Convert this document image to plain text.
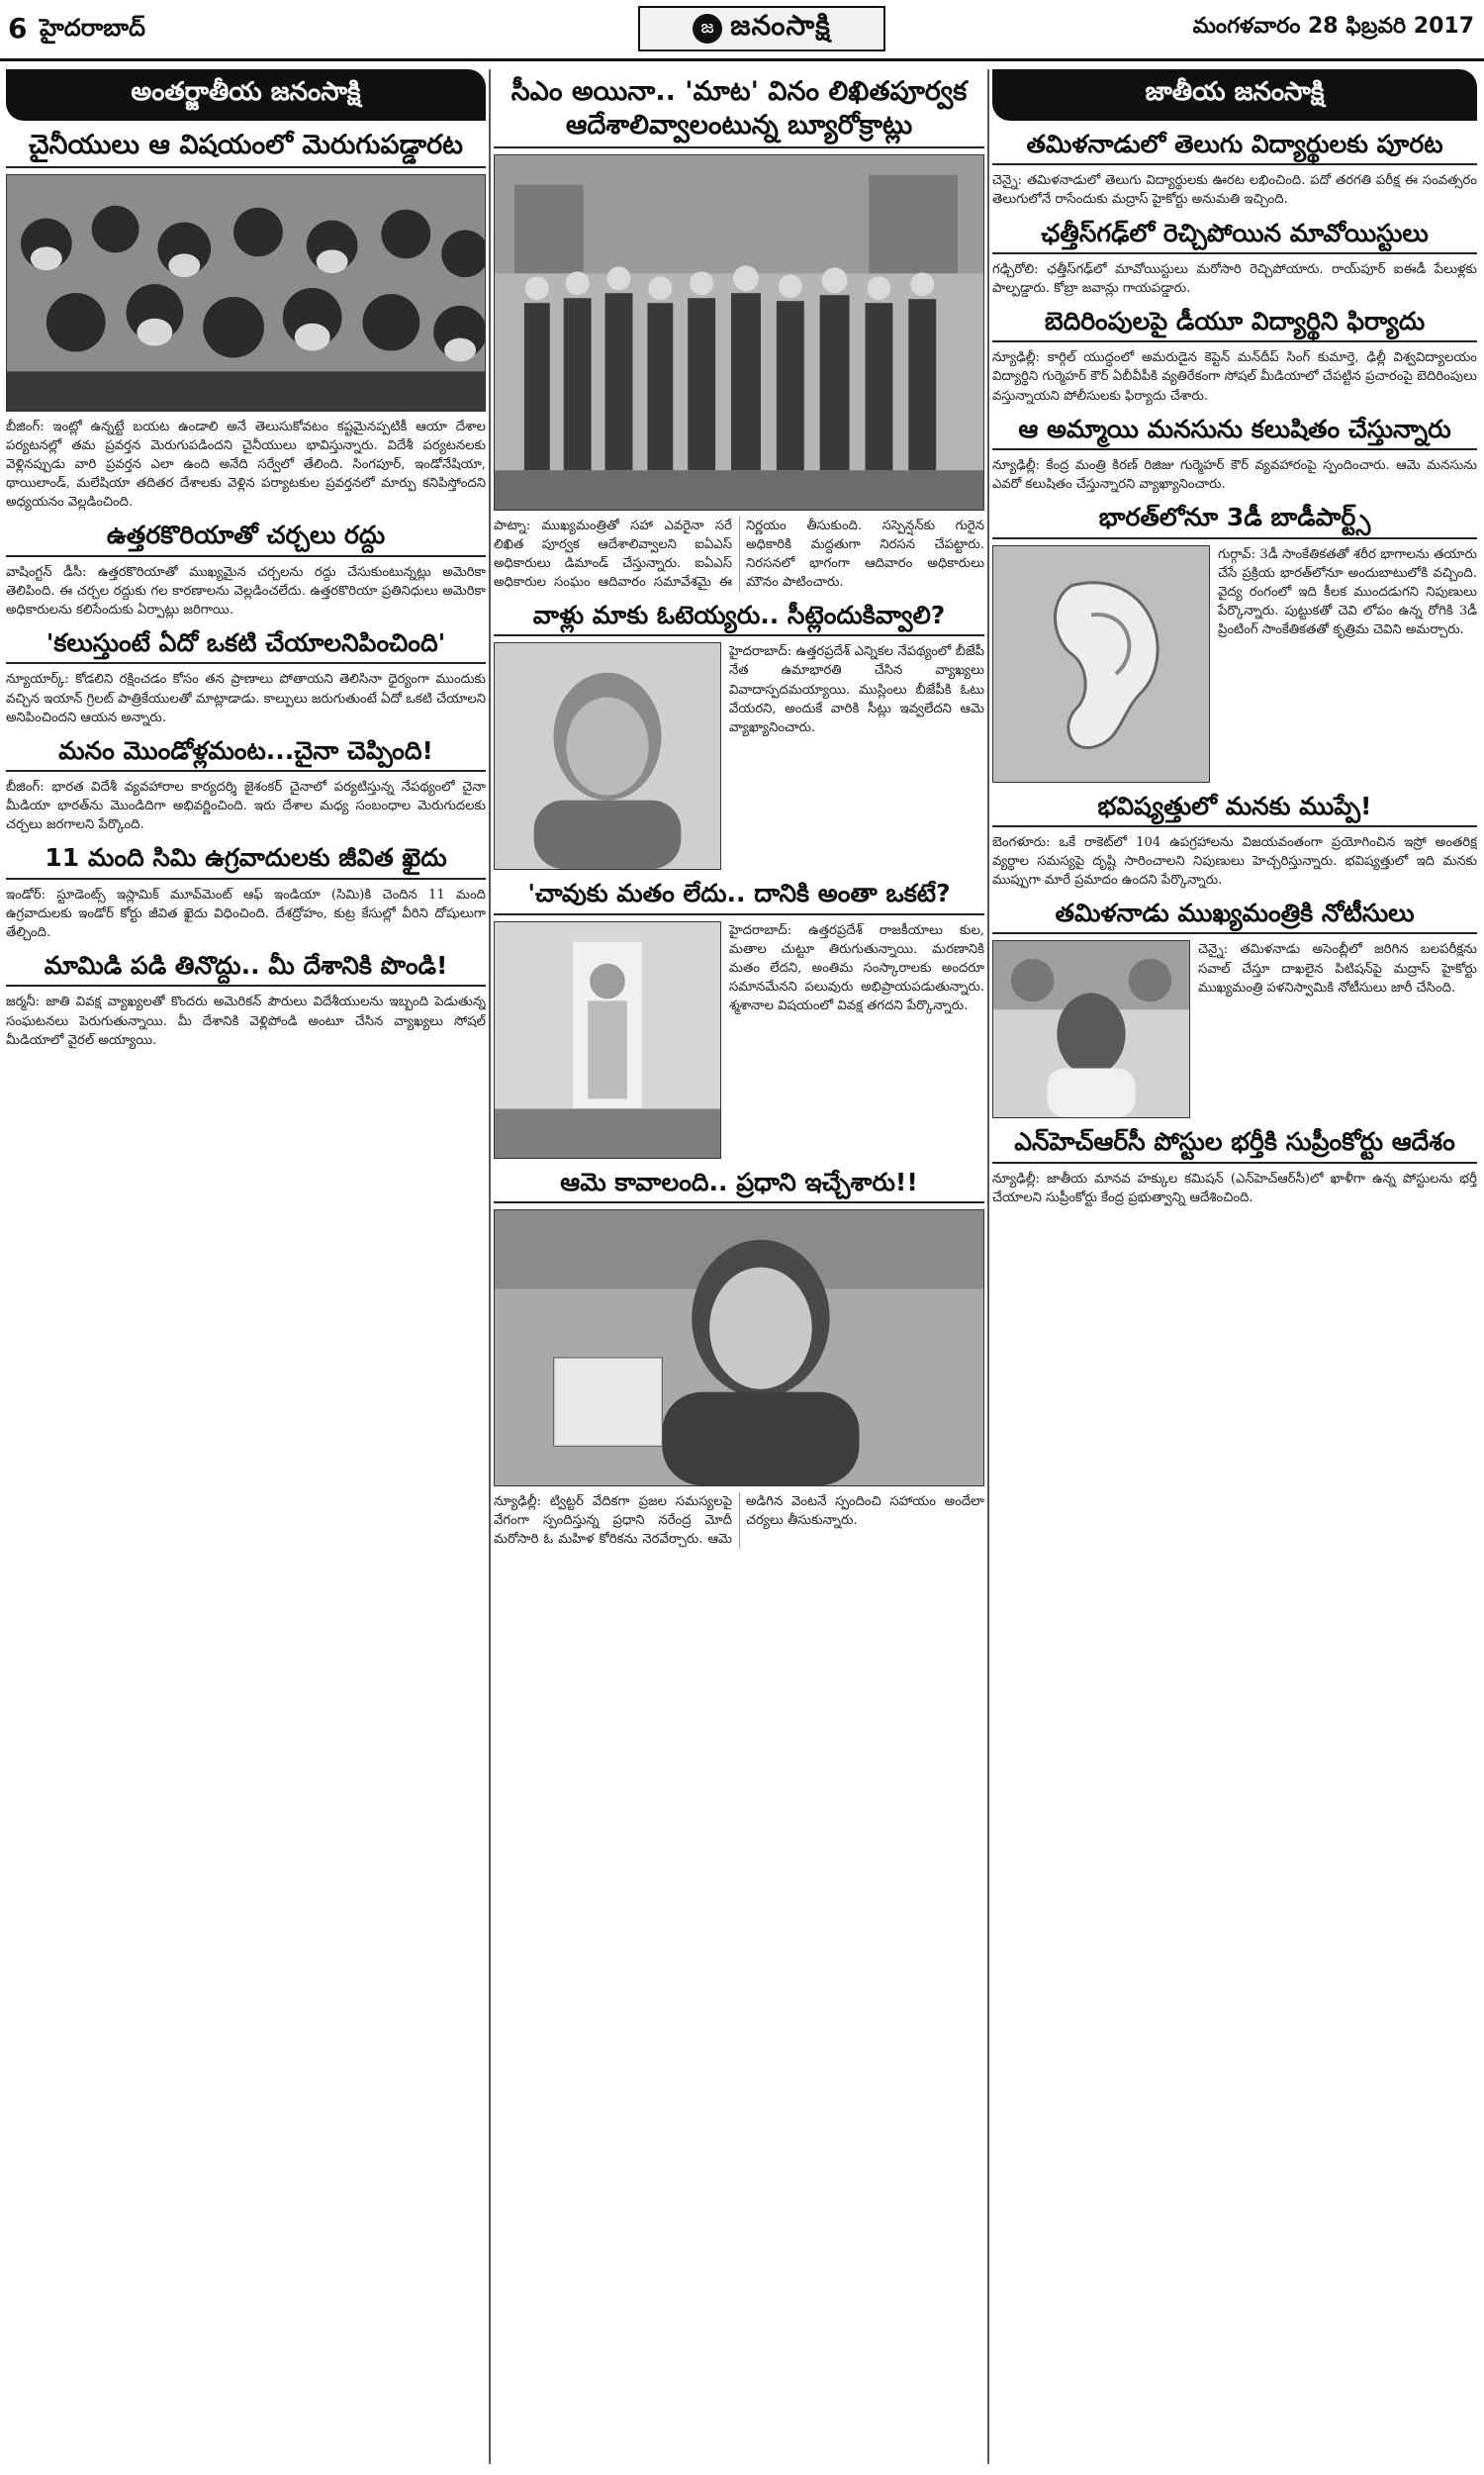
6 హైదరాబాద్	జ జనంసాక్షి	మంగళవారం 28 ఫిబ్రవరి 2017
అంతర్జాతీయ జనంసాక్షి
చైనీయులు ఆ విషయంలో మెరుగుపడ్డారట
బీజింగ్: ఇంట్లో ఉన్నట్టే బయట ఉండాలి అనే తెలుసుకోవటం కష్టమైనప్పటికీ ఆయా దేశాల పర్యటనల్లో తమ ప్రవర్తన మెరుగుపడిందని చైనీయులు భావిస్తున్నారు. విదేశీ పర్యటనలకు వెళ్లినప్పుడు వారి ప్రవర్తన ఎలా ఉంది అనేది సర్వేలో తేలింది. సింగపూర్, ఇండోనేషియా, థాయిలాండ్, మలేషియా తదితర దేశాలకు వెళ్లిన పర్యాటకుల ప్రవర్తనలో మార్పు కనిపిస్తోందని అధ్యయనం వెల్లడించింది.
ఉత్తరకొరియాతో చర్చలు రద్దు
వాషింగ్టన్ డీసీ: ఉత్తరకొరియాతో ముఖ్యమైన చర్చలను రద్దు చేసుకుంటున్నట్లు అమెరికా తెలిపింది. ఈ చర్చల రద్దుకు గల కారణాలను వెల్లడించలేదు. ఉత్తరకొరియా ప్రతినిధులు అమెరికా అధికారులను కలిసేందుకు ఏర్పాట్లు జరిగాయి.
'కలుస్తుంటే ఏదో ఒకటి చేయాలనిపించింది'
న్యూయార్క్: కోడలిని రక్షించడం కోసం తన ప్రాణాలు పోతాయని తెలిసినా ధైర్యంగా ముందుకు వచ్చిన ఇయాన్ గ్రిలట్ పాత్రికేయులతో మాట్లాడాడు. కాల్పులు జరుగుతుంటే ఏదో ఒకటి చేయాలని అనిపించిందని ఆయన అన్నారు.
మనం మొండోళ్లమంట...చైనా చెప్పింది!
బీజింగ్: భారత విదేశీ వ్యవహారాల కార్యదర్శి జైశంకర్ చైనాలో పర్యటిస్తున్న నేపథ్యంలో చైనా మీడియా భారత్‌ను మొండిదిగా అభివర్ణించింది. ఇరు దేశాల మధ్య సంబంధాల మెరుగుదలకు చర్చలు జరగాలని పేర్కొంది.
11 మంది సిమి ఉగ్రవాదులకు జీవిత ఖైదు
ఇండోర్: స్టూడెంట్స్ ఇస్లామిక్ మూవ్‌మెంట్ ఆఫ్ ఇండియా (సిమి)కి చెందిన 11 మంది ఉగ్రవాదులకు ఇండోర్ కోర్టు జీవిత ఖైదు విధించింది. దేశద్రోహం, కుట్ర కేసుల్లో వీరిని దోషులుగా తేల్చింది.
మామిడి పడి తినొద్దు.. మీ దేశానికి పొండి!
జర్మనీ: జాతి వివక్ష వ్యాఖ్యలతో కొందరు అమెరికన్ పౌరులు విదేశీయులను ఇబ్బంది పెడుతున్న సంఘటనలు పెరుగుతున్నాయి. మీ దేశానికి వెళ్లిపోండి అంటూ చేసిన వ్యాఖ్యలు సోషల్ మీడియాలో వైరల్ అయ్యాయి.
సీఎం అయినా.. 'మాట' వినం లిఖితపూర్వక ఆదేశాలివ్వాలంటున్న బ్యూరోక్రాట్లు
పాట్నా: ముఖ్యమంత్రితో సహా ఎవరైనా సరే లిఖిత పూర్వక ఆదేశాలివ్వాలని ఐఏఎస్ అధికారులు డిమాండ్ చేస్తున్నారు. ఐఏఎస్ అధికారుల సంఘం ఆదివారం సమావేశమై ఈ నిర్ణయం తీసుకుంది. సస్పెన్షన్‌కు గురైన అధికారికి మద్దతుగా నిరసన చేపట్టారు. నిరసనలో భాగంగా ఆదివారం అధికారులు మౌనం పాటించారు.
వాళ్లు మాకు ఓటెయ్యరు.. సీట్లెందుకివ్వాలి?
హైదరాబాద్: ఉత్తరప్రదేశ్ ఎన్నికల నేపథ్యంలో బీజేపీ నేత ఉమాభారతి చేసిన వ్యాఖ్యలు వివాదాస్పదమయ్యాయి. ముస్లింలు బీజేపీకి ఓటు వేయరని, అందుకే వారికి సీట్లు ఇవ్వలేదని ఆమె వ్యాఖ్యానించారు.
'చావుకు మతం లేదు.. దానికి అంతా ఒకటే?
హైదరాబాద్: ఉత్తరప్రదేశ్ రాజకీయాలు కుల, మతాల చుట్టూ తిరుగుతున్నాయి. మరణానికి మతం లేదని, అంతిమ సంస్కారాలకు అందరూ సమానమేనని పలువురు అభిప్రాయపడుతున్నారు. శ్మశానాల విషయంలో వివక్ష తగదని పేర్కొన్నారు.
ఆమె కావాలంది.. ప్రధాని ఇచ్చేశారు!!
న్యూఢిల్లీ: ట్విట్టర్ వేదికగా ప్రజల సమస్యలపై వేగంగా స్పందిస్తున్న ప్రధాని నరేంద్ర మోదీ మరోసారి ఓ మహిళ కోరికను నెరవేర్చారు. ఆమె అడిగిన వెంటనే స్పందించి సహాయం అందేలా చర్యలు తీసుకున్నారు.
జాతీయ జనంసాక్షి
తమిళనాడులో తెలుగు విద్యార్థులకు పూరట
చెన్నై: తమిళనాడులో తెలుగు విద్యార్థులకు ఊరట లభించింది. పదో తరగతి పరీక్ష ఈ సంవత్సరం తెలుగులోనే రాసేందుకు మద్రాస్ హైకోర్టు అనుమతి ఇచ్చింది.
ఛత్తీస్‌గఢ్‌లో రెచ్చిపోయిన మావోయిస్టులు
గఢ్చిరోలి: ఛత్తీస్‌గఢ్‌లో మావోయిస్టులు మరోసారి రెచ్చిపోయారు. రాయ్‌పూర్ ఐఈడీ పేలుళ్లకు పాల్పడ్డారు. కోబ్రా జవాన్లు గాయపడ్డారు.
బెదిరింపులపై డీయూ విద్యార్థిని ఫిర్యాదు
న్యూఢిల్లీ: కార్గిల్ యుద్ధంలో అమరుడైన కెప్టెన్ మన్‌దీప్ సింగ్ కుమార్తె, ఢిల్లీ విశ్వవిద్యాలయం విద్యార్థిని గుర్మెహర్ కౌర్ ఏబీవీపీకి వ్యతిరేకంగా సోషల్ మీడియాలో చేపట్టిన ప్రచారంపై బెదిరింపులు వస్తున్నాయని పోలీసులకు ఫిర్యాదు చేశారు.
ఆ అమ్మాయి మనసును కలుషితం చేస్తున్నారు
న్యూఢిల్లీ: కేంద్ర మంత్రి కిరణ్ రిజిజు గుర్మెహర్ కౌర్ వ్యవహారంపై స్పందించారు. ఆమె మనసును ఎవరో కలుషితం చేస్తున్నారని వ్యాఖ్యానించారు.
భారత్‌లోనూ 3డీ బాడీపార్ట్స్
గుర్గావ్: 3డీ సాంకేతికతతో శరీర భాగాలను తయారు చేసే ప్రక్రియ భారత్‌లోనూ అందుబాటులోకి వచ్చింది. వైద్య రంగంలో ఇది కీలక ముందడుగని నిపుణులు పేర్కొన్నారు. పుట్టుకతో చెవి లోపం ఉన్న రోగికి 3డీ ప్రింటింగ్ సాంకేతికతతో కృత్రిమ చెవిని అమర్చారు.
భవిష్యత్తులో మనకు ముప్పే!
బెంగళూరు: ఒకే రాకెట్‌లో 104 ఉపగ్రహాలను విజయవంతంగా ప్రయోగించిన ఇస్రో అంతరిక్ష వ్యర్థాల సమస్యపై దృష్టి సారించాలని నిపుణులు హెచ్చరిస్తున్నారు. భవిష్యత్తులో ఇది మనకు ముప్పుగా మారే ప్రమాదం ఉందని పేర్కొన్నారు.
తమిళనాడు ముఖ్యమంత్రికి నోటీసులు
చెన్నై: తమిళనాడు అసెంబ్లీలో జరిగిన బలపరీక్షను సవాల్ చేస్తూ దాఖలైన పిటిషన్‌పై మద్రాస్ హైకోర్టు ముఖ్యమంత్రి పళనిస్వామికి నోటీసులు జారీ చేసింది.
ఎన్‌హెచ్‌ఆర్‌సీ పోస్టుల భర్తీకి సుప్రీంకోర్టు ఆదేశం
న్యూఢిల్లీ: జాతీయ మానవ హక్కుల కమిషన్ (ఎన్‌హెచ్‌ఆర్‌సీ)లో ఖాళీగా ఉన్న పోస్టులను భర్తీ చేయాలని సుప్రీంకోర్టు కేంద్ర ప్రభుత్వాన్ని ఆదేశించింది.
